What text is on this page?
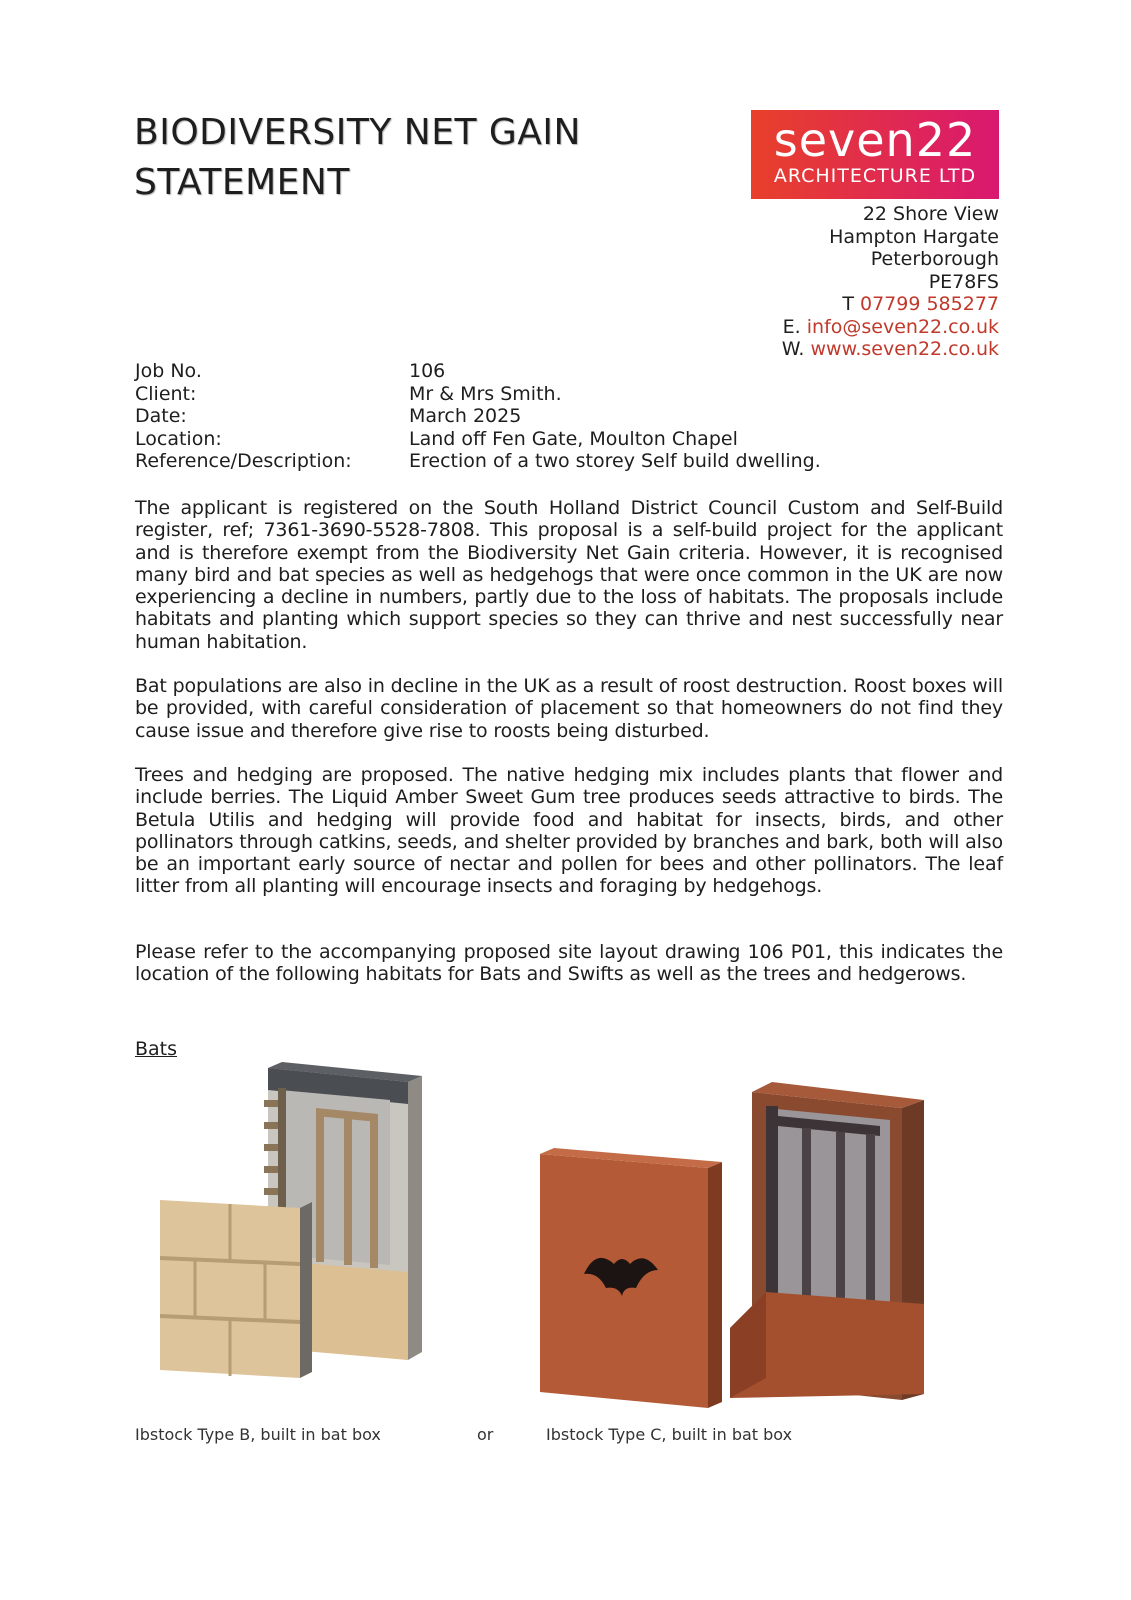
BIODIVERSITY NET GAIN
STATEMENT
seven22
ARCHITECTURE LTD
22 Shore View
Hampton Hargate
Peterborough
PE78FS
T 07799 585277
E. info@seven22.co.uk
W. www.seven22.co.uk
Job No.	106
Client:	Mr & Mrs Smith.
Date:	March 2025
Location:	Land off Fen Gate, Moulton Chapel
Reference/Description:	Erection of a two storey Self build dwelling.

The applicant is registered on the South Holland District Council Custom and Self-Build register, ref; 7361-3690-5528-7808. This proposal is a self-build project for the applicant and is therefore exempt from the Biodiversity Net Gain criteria. However, it is recognised many bird and bat species as well as hedgehogs that were once common in the UK are now experiencing a decline in numbers, partly due to the loss of habitats. The proposals include habitats and planting which support species so they can thrive and nest successfully near human habitation.

Bat populations are also in decline in the UK as a result of roost destruction. Roost boxes will be provided, with careful consideration of placement so that homeowners do not find they cause issue and therefore give rise to roosts being disturbed.

Trees and hedging are proposed. The native hedging mix includes plants that flower and include berries. The Liquid Amber Sweet Gum tree produces seeds attractive to birds. The Betula Utilis and hedging will provide food and habitat for insects, birds, and other pollinators through catkins, seeds, and shelter provided by branches and bark, both will also be an important early source of nectar and pollen for bees and other pollinators. The leaf litter from all planting will encourage insects and foraging by hedgehogs.

Please refer to the accompanying proposed site layout drawing 106 P01, this indicates the location of the following habitats for Bats and Swifts as well as the trees and hedgerows.

Bats
Ibstock Type B, built in bat box	or	Ibstock Type C, built in bat box
